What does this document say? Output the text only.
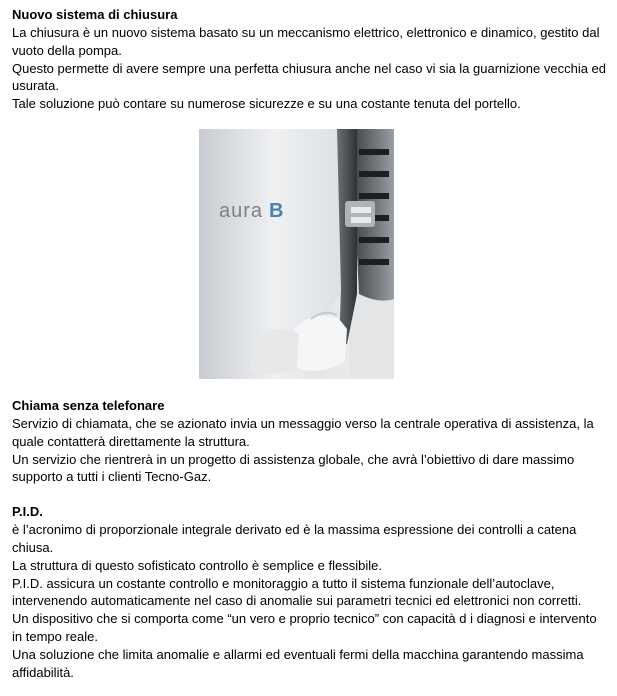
Nuovo sistema di chiusura
La chiusura è un nuovo sistema basato su un meccanismo elettrico, elettronico e dinamico, gestito dal
vuoto della pompa.
Questo permette di avere sempre una perfetta chiusura anche nel caso vi sia la guarnizione vecchia ed
usurata.
Tale soluzione può contare su numerose sicurezze e su una costante tenuta del portello.
aura B
Chiama senza telefonare
Servizio di chiamata, che se azionato invia un messaggio verso la centrale operativa di assistenza, la
quale contatterà direttamente la struttura.
Un servizio che rientrerà in un progetto di assistenza globale, che avrà l’obiettivo di dare massimo
supporto a tutti i clienti Tecno-Gaz.
P.I.D.
è l’acronimo di proporzionale integrale derivato ed è la massima espressione dei controlli a catena
chiusa.
La struttura di questo sofisticato controllo è semplice e flessibile.
P.I.D. assicura un costante controllo e monitoraggio a tutto il sistema funzionale dell’autoclave,
intervenendo automaticamente nel caso di anomalie sui parametri tecnici ed elettronici non corretti.
Un dispositivo che si comporta come “un vero e proprio tecnico” con capacità d i diagnosi e intervento
in tempo reale.
Una soluzione che limita anomalie e allarmi ed eventuali fermi della macchina garantendo massima
affidabilità.
